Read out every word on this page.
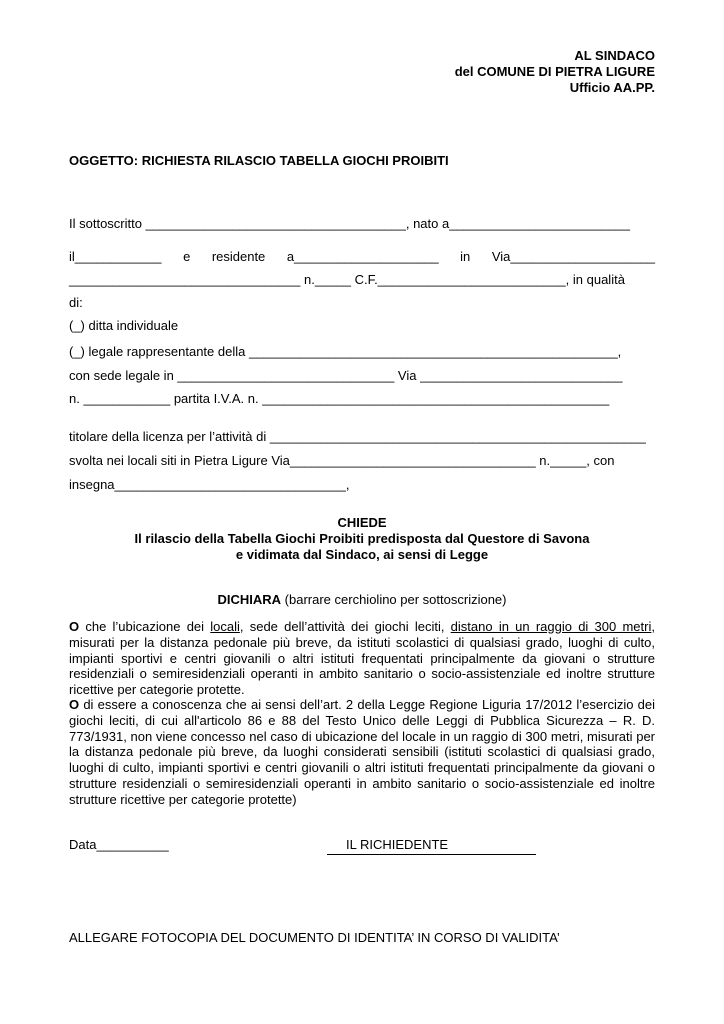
AL SINDACO
del COMUNE DI PIETRA LIGURE
Ufficio AA.PP.
OGGETTO: RICHIESTA RILASCIO TABELLA GIOCHI PROIBITI
Il sottoscritto ____________________________________, nato a_________________________
il____________ e residente a____________________ in Via____________________
________________________________ n._____ C.F.__________________________, in qualità
di:
(_) ditta individuale
(_) legale rappresentante della ___________________________________________________,
con sede legale in ______________________________ Via ____________________________
n. ____________ partita I.V.A. n. ________________________________________________
titolare della licenza per l’attività di ____________________________________________________
svolta nei locali siti in Pietra Ligure Via__________________________________ n._____, con
insegna________________________________,
CHIEDE
Il rilascio della Tabella Giochi Proibiti predisposta dal Questore di Savona
e vidimata dal Sindaco, ai sensi di Legge
DICHIARA (barrare cerchiolino per sottoscrizione)
O che l’ubicazione dei locali, sede dell’attività dei giochi leciti, distano in un raggio di 300 metri, misurati per la distanza pedonale più breve, da istituti scolastici di qualsiasi grado, luoghi di culto, impianti sportivi e centri giovanili o altri istituti frequentati principalmente da giovani o strutture residenziali o semiresidenziali operanti in ambito sanitario o socio-assistenziale ed inoltre strutture ricettive per categorie protette.
O di essere a conoscenza che ai sensi dell’art. 2 della Legge Regione Liguria 17/2012 l’esercizio dei giochi leciti, di cui all'articolo 86 e 88 del Testo Unico delle Leggi di Pubblica Sicurezza – R. D. 773/1931, non viene concesso nel caso di ubicazione del locale in un raggio di 300 metri, misurati per la distanza pedonale più breve, da luoghi considerati sensibili (istituti scolastici di qualsiasi grado, luoghi di culto, impianti sportivi e centri giovanili o altri istituti frequentati principalmente da giovani o strutture residenziali o semiresidenziali operanti in ambito sanitario o socio-assistenziale ed inoltre strutture ricettive per categorie protette)
Data__________	IL RICHIEDENTE
ALLEGARE FOTOCOPIA DEL DOCUMENTO DI IDENTITA’ IN CORSO DI VALIDITA’
